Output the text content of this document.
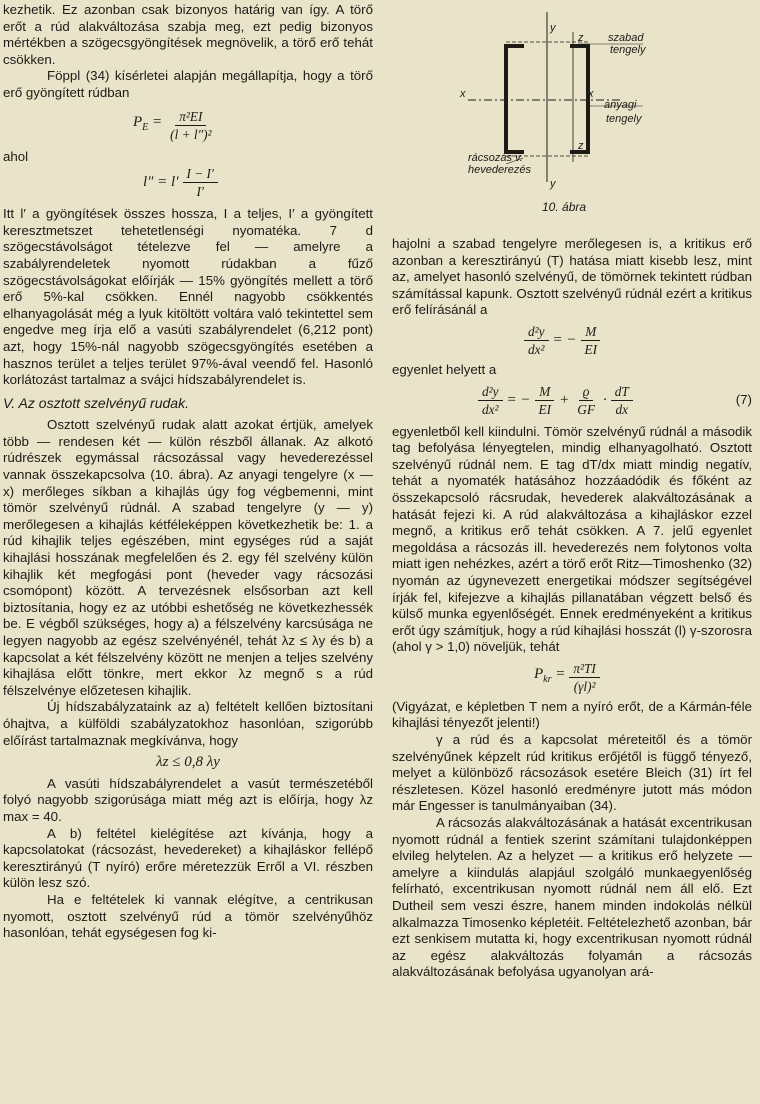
kezhetik. Ez azonban csak bizonyos határig van így. A törő erőt a rúd alakváltozása szabja meg, ezt pedig bizonyos mértékben a szögecsgyöngítések megnövelik, a törő erő tehát csökken.

Föppl (34) kísérletei alapján megállapítja, hogy a törő erő gyöngített rúdban

$P_E = \frac{\text{π²EI}}{\text{(l + l″)²}}$

ahol

$l'' = l' \frac{I - I'}{I'}$

Itt l′ a gyöngítések összes hossza, I a teljes, I′ a gyöngített keresztmetszet tehetetlenségi nyomatéka. 7 d szögecstávolságot tételezve fel — amelyre a szabályrendeletek nyomott rúdakban a fűző szögecstávolságokat előírják — 15% gyöngítés mellett a törő erő 5%-kal csökken. Ennél nagyobb csökkentés elhanyagolását még a lyuk kitöltött voltára való tekintettel sem engedve meg írja elő a vasúti szabályrendelet (6,212 pont) azt, hogy 15%-nál nagyobb szögecsgyöngítés esetében a hasznos terület a teljes terület 97%-ával veendő fel. Hasonló korlátozást tartalmaz a svájci hídszabályrendelet is.

V. Az osztott szelvényű rudak.

Osztott szelvényű rudak alatt azokat értjük, amelyek több — rendesen két — külön részből állanak. Az alkotó rúdrészek egymással rácsozással vagy hevederezéssel vannak összekapcsolva (10. ábra). Az anyagi tengelyre (x — x) merőleges síkban a kihajlás úgy fog végbemenni, mint tömör szelvényű rúdnál. A szabad tengelyre (y — y) merőlegesen a kihajlás kétféleképpen következhetik be: 1. a rúd kihajlik teljes egészében, mint egységes rúd a saját kihajlási hosszának megfelelően és 2. egy fél szelvény külön kihajlik két megfogási pont (heveder vagy rácsozási csomópont) között. A tervezésnek elsősorban azt kell biztosítania, hogy ez az utóbbi eshetőség ne következhessék be. E végből szükséges, hogy a) a félszelvény karcsúsága ne legyen nagyobb az egész szelvényénél, tehát λz ≤ λy és b) a kapcsolat a két félszelvény között ne menjen a teljes szelvény kihajlása előtt tönkre, mert ekkor λz megnő s a rúd félszelvénye előzetesen kihajlik.

Új hídszabályzataink az a) feltételt kellően biztosítani óhajtva, a külföldi szabályzatokhoz hasonlóan, szigorúbb előírást tartalmaznak megkívánva, hogy

λz ≤ 0,8 λy

A vasúti hídszabályrendelet a vasút természetéből folyó nagyobb szigorúsága miatt még azt is előírja, hogy λz max = 40.

A b) feltétel kielégítése azt kívánja, hogy a kapcsolatokat (rácsozást, hevedereket) a kihajláskor fellépő keresztirányú (T nyíró) erőre méretezzük Erről a VI. részben külön lesz szó.

Ha e feltételek ki vannak elégítve, a centrikusan nyomott, osztott szelvényű rúd a tömör szelvényűhöz hasonlóan, tehát egységesen fog ki-

y
z szabad
tengely
x	x
anyagi
tengely
z
rácsozás v.
hevederezés
y
10. ábra

hajolni a szabad tengelyre merőlegesen is, a kritikus erő azonban a keresztirányú (T) hatása miatt kisebb lesz, mint az, amelyet hasonló szelvényű, de tömörnek tekintett rúdban számítással kapunk. Osztott szelvényű rúdnál ezért a kritikus erő felírásánál a

$\frac{\text{d²y}}{\text{dx²}}$ = − $\frac{M}{EI}$

egyenlet helyett a

$\frac{\text{d²y}}{\text{dx²}}$ = − $\frac{M}{EI} + \frac{ϱ}{GF} \cdot \frac{dT}{dx}$	(7)

egyenletből kell kiindulni. Tömör szelvényű rúdnál a második tag befolyása lényegtelen, mindig elhanyagolható. Osztott szelvényű rúdnál nem. E tag dT/dx miatt mindig negatív, tehát a nyomaték hatásához hozzáadódik és főként az összekapcsoló rácsrudak, hevederek alakváltozásának a hatását fejezi ki. A rúd alakváltozása a kihajláskor ezzel megnő, a kritikus erő tehát csökken. A 7. jelű egyenlet megoldása a rácsozás ill. hevederezés nem folytonos volta miatt igen nehézkes, azért a törő erőt Ritz—Timoshenko (32) nyomán az úgynevezett energetikai módszer segítségével írják fel, kifejezve a kihajlás pillanatában végzett belső és külső munka egyenlőségét. Ennek eredményeként a kritikus erőt úgy számítjuk, hogy a rúd kihajlási hosszát (l) γ-szorosra (ahol γ > 1,0) növeljük, tehát

$P_{kr} = \frac{\text{π²TI}}{\text{(γl)²}}$

(Vigyázat, e képletben T nem a nyíró erőt, de a Kármán-féle kihajlási tényezőt jelenti!)

γ a rúd és a kapcsolat méreteitől és a tömör szelvényűnek képzelt rúd kritikus erőjétől is függő tényező, melyet a különböző rácsozások esetére Bleich (31) írt fel részletesen. Közel hasonló eredményre jutott más módon már Engesser is tanulmányaiban (34).

A rácsozás alakváltozásának a hatását excentrikusan nyomott rúdnál a fentiek szerint számítani tulajdonképpen elvileg helytelen. Az a helyzet — a kritikus erő helyzete — amelyre a kiindulás alapjául szolgáló munkaegyenlőség felírható, excentrikusan nyomott rúdnál nem áll elő. Ezt Dutheil sem veszi észre, hanem minden indokolás nélkül alkalmazza Timosenko képletéit. Feltételezhető azonban, bár ezt senkisem mutatta ki, hogy excentrikusan nyomott rúdnál az egész alakváltozás folyamán a rácsozás alakváltozásának befolyása ugyanolyan ará-
